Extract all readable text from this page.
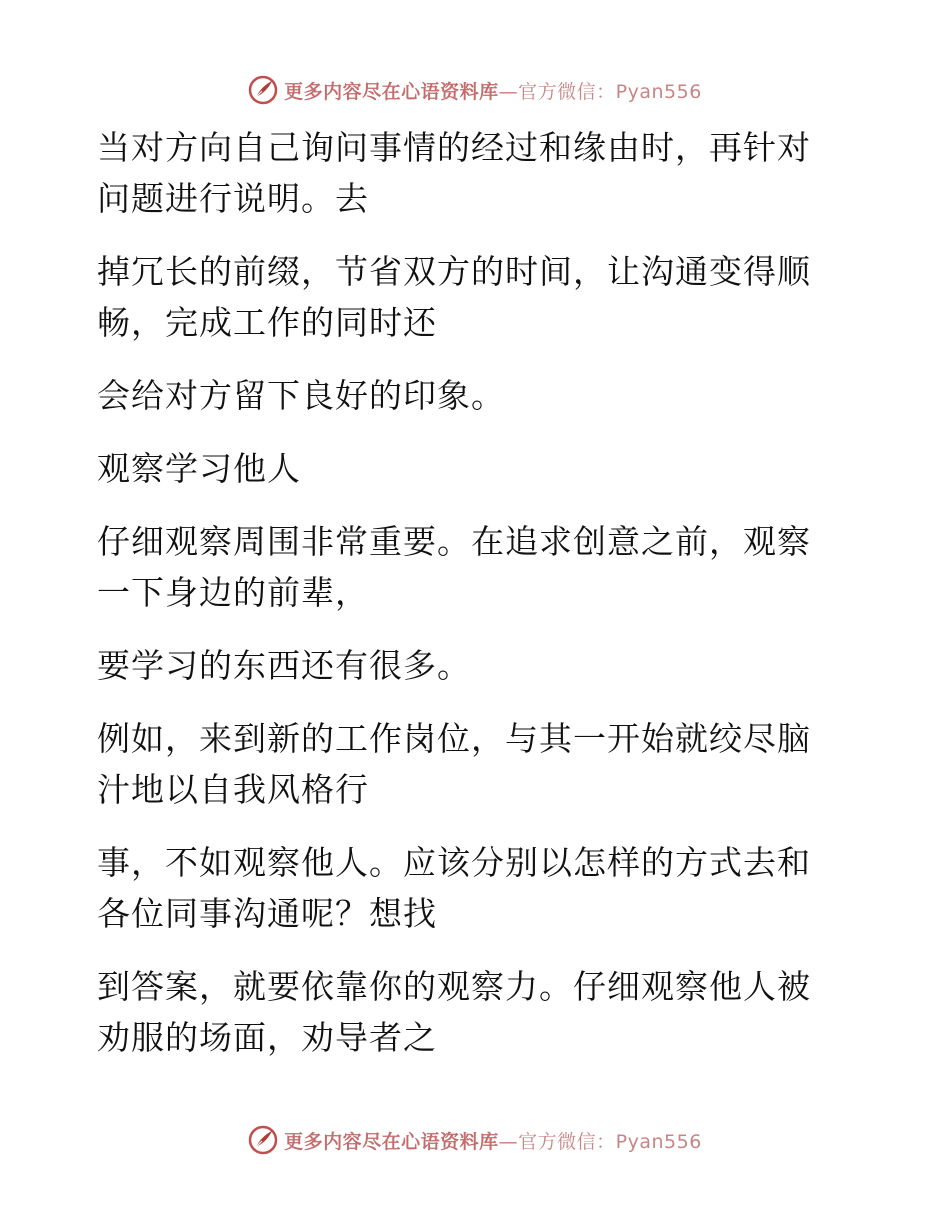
更多内容尽在心语资料库—官方微信：Pyan556

当对方向自己询问事情的经过和缘由时，再针对
问题进行说明。去

掉冗长的前缀，节省双方的时间，让沟通变得顺
畅，完成工作的同时还

会给对方留下良好的印象。

观察学习他人

仔细观察周围非常重要。在追求创意之前，观察
一下身边的前辈，

要学习的东西还有很多。

例如，来到新的工作岗位，与其一开始就绞尽脑
汁地以自我风格行

事，不如观察他人。应该分别以怎样的方式去和
各位同事沟通呢？想找

到答案，就要依靠你的观察力。仔细观察他人被
劝服的场面，劝导者之

更多内容尽在心语资料库—官方微信：Pyan556
